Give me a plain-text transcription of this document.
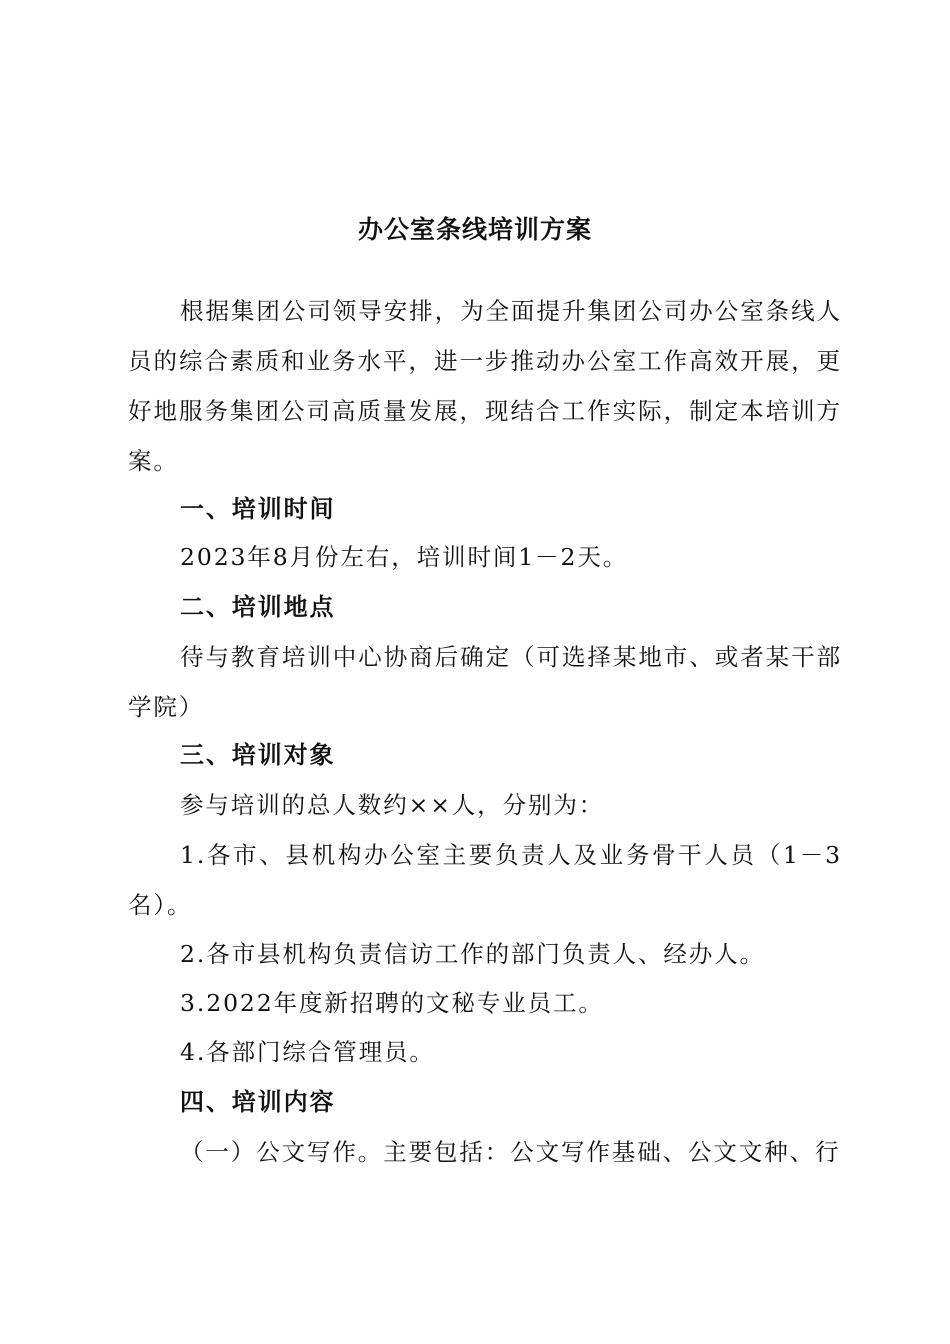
办公室条线培训方案

根据集团公司领导安排，为全面提升集团公司办公室条线人员的综合素质和业务水平，进一步推动办公室工作高效开展，更好地服务集团公司高质量发展，现结合工作实际，制定本培训方案。

一、培训时间

2023年8月份左右，培训时间1－2天。

二、培训地点

待与教育培训中心协商后确定（可选择某地市、或者某干部学院）

三、培训对象

参与培训的总人数约××人，分别为：

1.各市、县机构办公室主要负责人及业务骨干人员（1－3名）。

2.各市县机构负责信访工作的部门负责人、经办人。

3.2022年度新招聘的文秘专业员工。

4.各部门综合管理员。

四、培训内容

（一）公文写作。主要包括：公文写作基础、公文文种、行
